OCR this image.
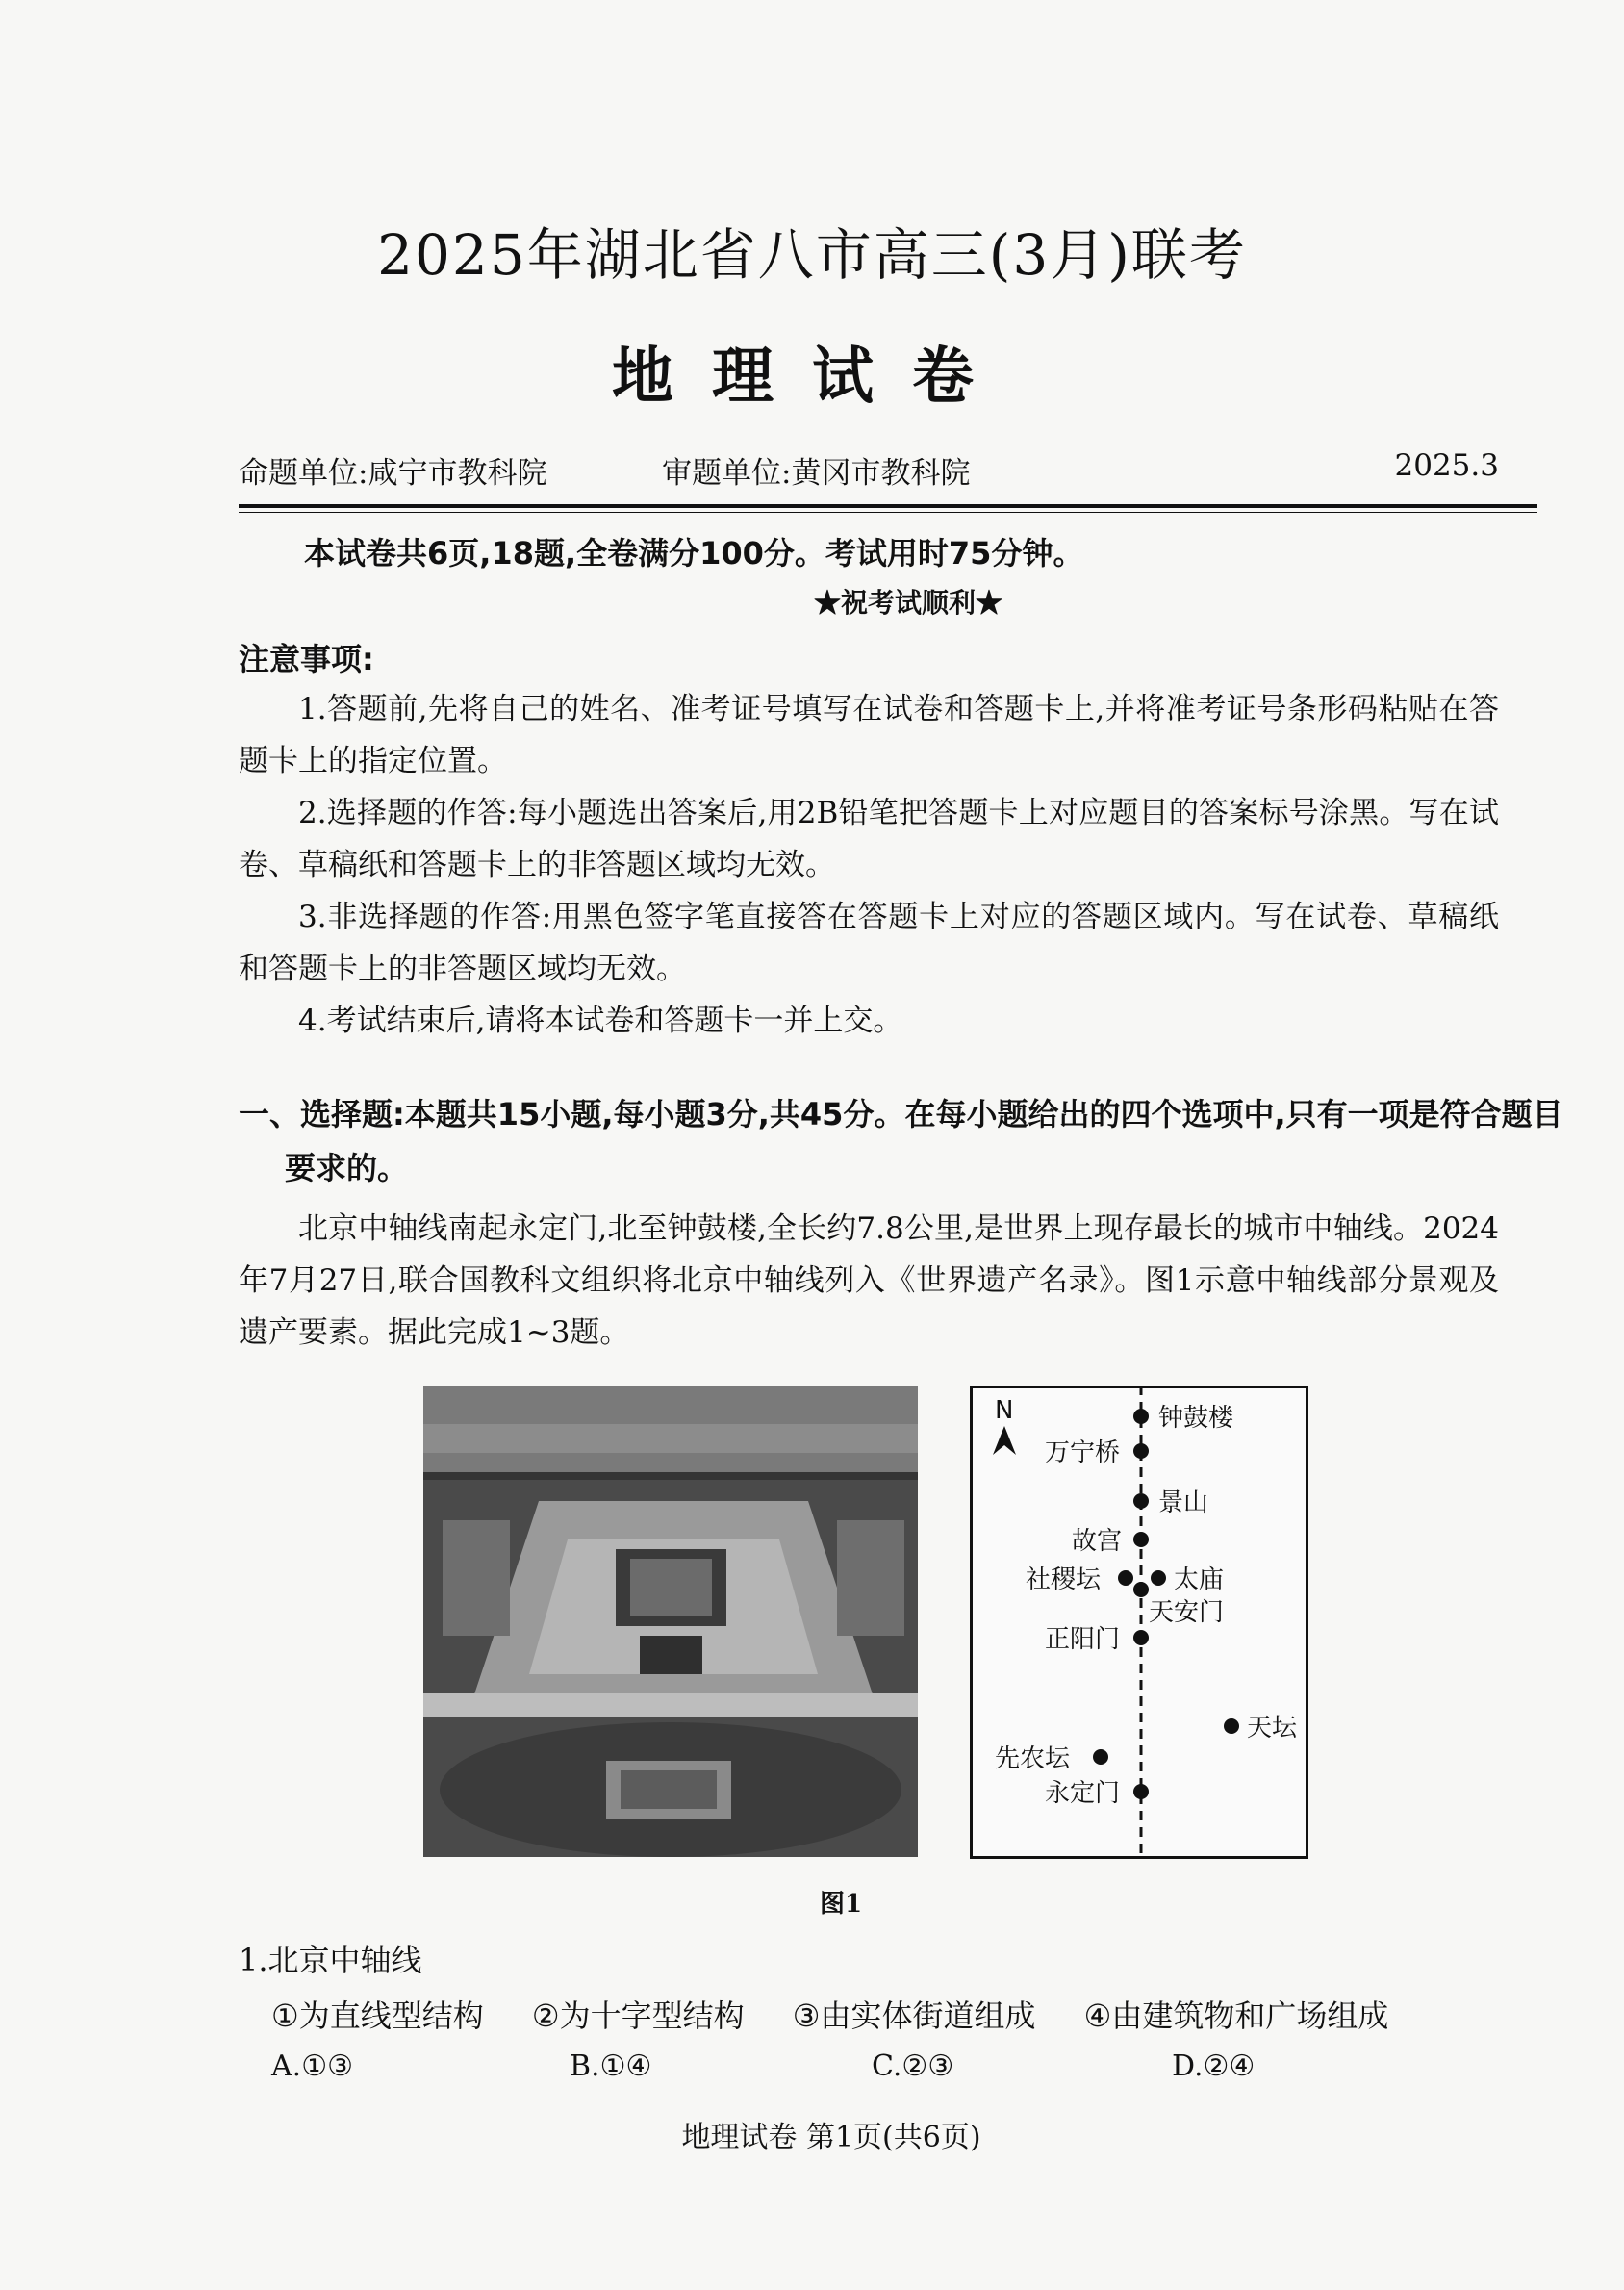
2025年湖北省八市高三(3月)联考
地理试卷
命题单位:咸宁市教科院	审题单位:黄冈市教科院	2025.3
本试卷共6页,18题,全卷满分100分。考试用时75分钟。
★祝考试顺利★
注意事项:
1.答题前,先将自己的姓名、准考证号填写在试卷和答题卡上,并将准考证号条形码粘贴在答题卡上的指定位置。
2.选择题的作答:每小题选出答案后,用2B铅笔把答题卡上对应题目的答案标号涂黑。写在试卷、草稿纸和答题卡上的非答题区域均无效。
3.非选择题的作答:用黑色签字笔直接答在答题卡上对应的答题区域内。写在试卷、草稿纸和答题卡上的非答题区域均无效。
4.考试结束后,请将本试卷和答题卡一并上交。
一、选择题:本题共15小题,每小题3分,共45分。在每小题给出的四个选项中,只有一项是符合题目要求的。
北京中轴线南起永定门,北至钟鼓楼,全长约7.8公里,是世界上现存最长的城市中轴线。2024年7月27日,联合国教科文组织将北京中轴线列入《世界遗产名录》。图1示意中轴线部分景观及遗产要素。据此完成1~3题。
N	钟鼓楼
万宁桥
景山
故宫
社稷坛	太庙
天安门
正阳门
天坛
先农坛
永定门
图1
1.北京中轴线
①为直线型结构 ②为十字型结构 ③由实体街道组成 ④由建筑物和广场组成
A.①③	B.①④	C.②③	D.②④
地理试卷 第1页(共6页)
